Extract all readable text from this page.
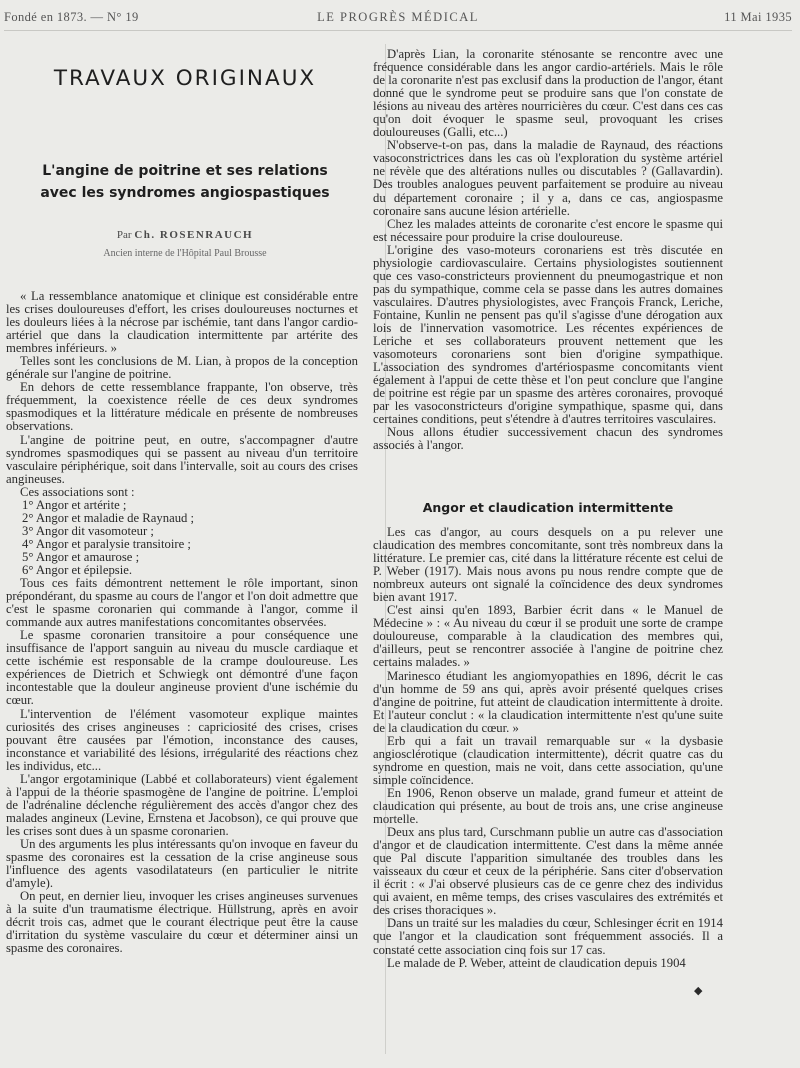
Fondé en 1873. — N° 19	LE PROGRÈS MÉDICAL	11 Mai 1935
TRAVAUX ORIGINAUX
L'angine de poitrine et ses relations
avec les syndromes angiospastiques
Par Ch. ROSENRAUCH
Ancien interne de l'Hôpital Paul Brousse

« La ressemblance anatomique et clinique est considérable entre les crises douloureuses d'effort, les crises douloureuses nocturnes et les douleurs liées à la nécrose par ischémie, tant dans l'angor cardio-artériel que dans la claudication intermittente par artérite des membres inférieurs. »

Telles sont les conclusions de M. Lian, à propos de la conception générale sur l'angine de poitrine.

En dehors de cette ressemblance frappante, l'on observe, très fréquemment, la coexistence réelle de ces deux syndromes spasmodiques et la littérature médicale en présente de nombreuses observations.

L'angine de poitrine peut, en outre, s'accompagner d'autre syndromes spasmodiques qui se passent au niveau d'un territoire vasculaire périphérique, soit dans l'intervalle, soit au cours des crises angineuses.

Ces associations sont :

1° Angor et artérite ;
2° Angor et maladie de Raynaud ;
3° Angor dit vasomoteur ;
4° Angor et paralysie transitoire ;
5° Angor et amaurose ;
6° Angor et épilepsie.

Tous ces faits démontrent nettement le rôle important, sinon prépondérant, du spasme au cours de l'angor et l'on doit admettre que c'est le spasme coronarien qui commande à l'angor, comme il commande aux autres manifestations concomitantes observées.

Le spasme coronarien transitoire a pour conséquence une insuffisance de l'apport sanguin au niveau du muscle cardiaque et cette ischémie est responsable de la crampe douloureuse. Les expériences de Dietrich et Schwiegk ont démontré d'une façon incontestable que la douleur angineuse provient d'une ischémie du cœur.

L'intervention de l'élément vasomoteur explique maintes curiosités des crises angineuses : capriciosité des crises, crises pouvant être causées par l'émotion, inconstance des causes, inconstance et variabilité des lésions, irrégularité des réactions chez les individus, etc...

L'angor ergotaminique (Labbé et collaborateurs) vient également à l'appui de la théorie spasmogène de l'angine de poitrine. L'emploi de l'adrénaline déclenche régulièrement des accès d'angor chez des malades angineux (Levine, Ernstena et Jacobson), ce qui prouve que les crises sont dues à un spasme coronarien.

Un des arguments les plus intéressants qu'on invoque en faveur du spasme des coronaires est la cessation de la crise angineuse sous l'influence des agents vasodilatateurs (en particulier le nitrite d'amyle).

On peut, en dernier lieu, invoquer les crises angineuses survenues à la suite d'un traumatisme électrique. Hüllstrung, après en avoir décrit trois cas, admet que le courant électrique peut être la cause d'irritation du système vasculaire du cœur et déterminer ainsi un spasme des coronaires.

D'après Lian, la coronarite sténosante se rencontre avec une fréquence considérable dans les angor cardio-artériels. Mais le rôle de la coronarite n'est pas exclusif dans la production de l'angor, étant donné que le syndrome peut se produire sans que l'on constate de lésions au niveau des artères nourricières du cœur. C'est dans ces cas qu'on doit évoquer le spasme seul, provoquant les crises douloureuses (Galli, etc...)

N'observe-t-on pas, dans la maladie de Raynaud, des réactions vasoconstrictrices dans les cas où l'exploration du système artériel ne révèle que des altérations nulles ou discutables ? (Gallavardin). Des troubles analogues peuvent parfaitement se produire au niveau du département coronaire ; il y a, dans ce cas, angiospasme coronaire sans aucune lésion artérielle.

Chez les malades atteints de coronarite c'est encore le spasme qui est nécessaire pour produire la crise douloureuse.

L'origine des vaso-moteurs coronariens est très discutée en physiologie cardiovasculaire. Certains physiologistes soutiennent que ces vaso-constricteurs proviennent du pneumogastrique et non pas du sympathique, comme cela se passe dans les autres domaines vasculaires. D'autres physiologistes, avec François Franck, Leriche, Fontaine, Kunlin ne pensent pas qu'il s'agisse d'une dérogation aux lois de l'innervation vasomotrice. Les récentes expériences de Leriche et ses collaborateurs prouvent nettement que les vasomoteurs coronariens sont bien d'origine sympathique. L'association des syndromes d'artériospasme concomitants vient également à l'appui de cette thèse et l'on peut conclure que l'angine de poitrine est régie par un spasme des artères coronaires, provoqué par les vasoconstricteurs d'origine sympathique, spasme qui, dans certaines conditions, peut s'étendre à d'autres territoires vasculaires.

Nous allons étudier successivement chacun des syndromes associés à l'angor.

Angor et claudication intermittente

Les cas d'angor, au cours desquels on a pu relever une claudication des membres concomitante, sont très nombreux dans la littérature. Le premier cas, cité dans la littérature récente est celui de P. Weber (1917). Mais nous avons pu nous rendre compte que de nombreux auteurs ont signalé la coïncidence des deux syndromes bien avant 1917.

C'est ainsi qu'en 1893, Barbier écrit dans « le Manuel de Médecine » : « Au niveau du cœur il se produit une sorte de crampe douloureuse, comparable à la claudication des membres qui, d'ailleurs, peut se rencontrer associée à l'angine de poitrine chez certains malades. »

Marinesco étudiant les angiomyopathies en 1896, décrit le cas d'un homme de 59 ans qui, après avoir présenté quelques crises d'angine de poitrine, fut atteint de claudication intermittente à droite. Et l'auteur conclut : « la claudication intermittente n'est qu'une suite de la claudication du cœur. »

Erb qui a fait un travail remarquable sur « la dysbasie angiosclérotique (claudication intermittente), décrit quatre cas du syndrome en question, mais ne voit, dans cette association, qu'une simple coïncidence.

En 1906, Renon observe un malade, grand fumeur et atteint de claudication qui présente, au bout de trois ans, une crise angineuse mortelle.

Deux ans plus tard, Curschmann publie un autre cas d'association d'angor et de claudication intermittente. C'est dans la même année que Pal discute l'apparition simultanée des troubles dans les vaisseaux du cœur et ceux de la périphérie. Sans citer d'observation il écrit : « J'ai observé plusieurs cas de ce genre chez des individus qui avaient, en même temps, des crises vasculaires des extrémités et des crises thoraciques ».

Dans un traité sur les maladies du cœur, Schlesinger écrit en 1914 que l'angor et la claudication sont fréquemment associés. Il a constaté cette association cinq fois sur 17 cas.

Le malade de P. Weber, atteint de claudication depuis 1904

◆
